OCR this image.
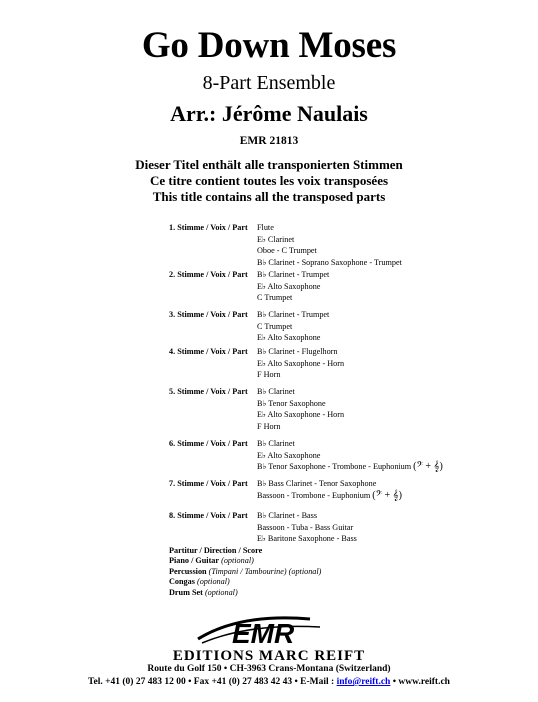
Go Down Moses
8-Part Ensemble
Arr.: Jérôme Naulais
EMR 21813
Dieser Titel enthält alle transponierten Stimmen
Ce titre contient toutes les voix transposées
This title contains all the transposed parts
1. Stimme / Voix / Part	Flute
E♭ Clarinet
Oboe - C Trumpet
B♭ Clarinet - Soprano Saxophone - Trumpet
2. Stimme / Voix / Part	B♭ Clarinet - Trumpet
E♭ Alto Saxophone
C Trumpet
3. Stimme / Voix / Part	B♭ Clarinet - Trumpet
C Trumpet
E♭ Alto Saxophone
4. Stimme / Voix / Part	B♭ Clarinet - Flugelhorn
E♭ Alto Saxophone - Horn
F Horn
5. Stimme / Voix / Part	B♭ Clarinet
B♭ Tenor Saxophone
E♭ Alto Saxophone - Horn
F Horn
6. Stimme / Voix / Part	B♭ Clarinet
E♭ Alto Saxophone
B♭ Tenor Saxophone - Trombone - Euphonium (𝄢 + 𝄞)
7. Stimme / Voix / Part	B♭ Bass Clarinet - Tenor Saxophone
Bassoon - Trombone - Euphonium (𝄢 + 𝄞)
8. Stimme / Voix / Part	B♭ Clarinet - Bass
Bassoon - Tuba - Bass Guitar
E♭ Baritone Saxophone - Bass
Partitur / Direction / Score
Piano / Guitar (optional)
Percussion (Timpani / Tambourine) (optional)
Congas (optional)
Drum Set (optional)
EMR
EDITIONS MARC REIFT
Route du Golf 150 • CH-3963 Crans-Montana (Switzerland)
Tel. +41 (0) 27 483 12 00 • Fax +41 (0) 27 483 42 43 • E-Mail : info@reift.ch • www.reift.ch
